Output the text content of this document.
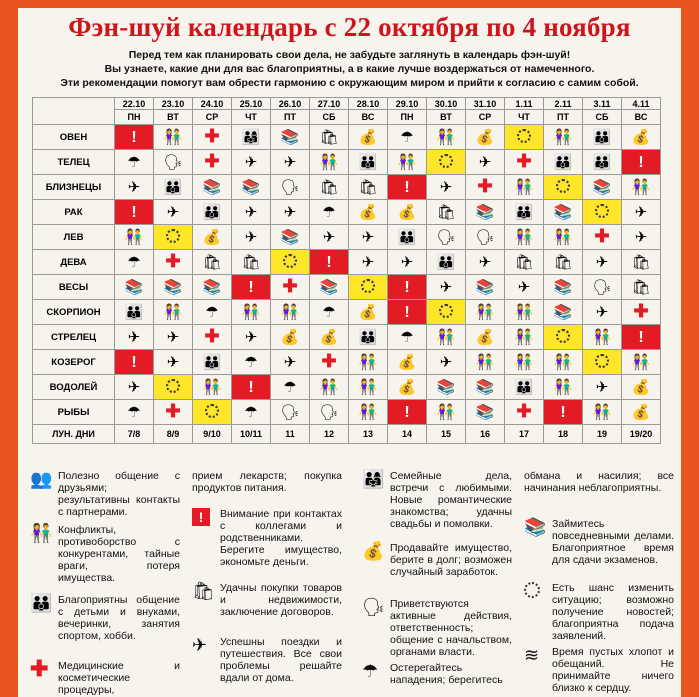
Фэн-шуй календарь с 22 октября по 4 ноября
Перед тем как планировать свои дела, не забудьте заглянуть в календарь фэн-шуй!
Вы узнаете, какие дни для вас благоприятны, а в какие лучше воздержаться от намеченного.
Эти рекомендации помогут вам обрести гармонию с окружающим миром и прийти к согласию с самим собой.
	22.10	23.10	24.10	25.10	26.10	27.10	28.10	29.10	30.10	31.10	1.11	2.11	3.11	4.11
	ПН	ВТ	СР	ЧТ	ПТ	СБ	ВС	ПН	ВТ	СР	ЧТ	ПТ	СБ	ВС
ОВЕН	!	👫	✚	👨‍👩‍👧	📚	🛍	💰	☂	👫	💰		👫	👪	💰
ТЕЛЕЦ	☂	🗣	✚	✈	✈	👫	👪	👫		✈	✚	👪	👪	!
БЛИЗНЕЦЫ	✈	👪	📚	📚	🗣	🛍	🛍	!	✈	✚	👫		📚	👫
РАК	!	✈	👪	✈	✈	☂	💰	💰	🛍	📚	👪	📚		✈
ЛЕВ	👫		💰	✈	📚	✈	✈	👪	🗣	🗣	👫	👫	✚	✈
ДЕВА	☂	✚	🛍	🛍		!	✈	✈	👪	✈	🛍	🛍	✈	🛍
ВЕСЫ	📚	📚	📚	!	✚	📚		!	✈	📚	✈	📚	🗣	🛍
СКОРПИОН	👪	👫	☂	👫	👫	☂	💰	!		👫	👫	📚	✈	✚
СТРЕЛЕЦ	✈	✈	✚	✈	💰	💰	👪	☂	👫	💰	👫		👫	!
КОЗЕРОГ	!	✈	👪	☂	✈	✚	👫	💰	✈	👫	👫	👫		👫
ВОДОЛЕЙ	✈		👫	!	☂	👫	👫	💰	📚	📚	👪	👫	✈	💰
РЫБЫ	☂	✚		☂	🗣	🗣	👫	!	👫	📚	✚	!	👫	💰
ЛУН. ДНИ	7/8	8/9	9/10	10/11	11	12	13	14	15	16	17	18	19	19/20
👥 Полезно общение с друзьями; результативны контакты с партнерами.
👫 Конфликты, противоборство с конкурентами, тайные враги, потеря имущества.
👪 Благоприятны общение с детьми и внуками, вечеринки, занятия спортом, хобби.
✚ Медицинские и косметические процедуры,
прием лекарств; покупка продуктов питания.
!	Внимание при контактах с коллегами и родственниками. Берегите имущество, экономьте деньги.
🛍 Удачны покупки товаров и недвижимости, заключение договоров.
✈ Успешны поездки и путешествия. Все свои проблемы решайте вдали от дома.
👨‍👩‍👧 Семейные дела, встречи с любимыми. Новые романтические знакомства; удачны свадьбы и помолвки.
💰 Продавайте имущество, берите в долг; возможен случайный заработок.
🗣 Приветствуются активные действия, ответственность; общение с начальством, органами власти.
☂ Остерегайтесь нападения; берегитесь
обмана и насилия; все начинания неблагоприятны.
📚 Займитесь повседневными делами. Благоприятное время для сдачи экзаменов.
Есть шанс изменить ситуацию; возможно получение новостей; благоприятна подача заявлений.
≋ Время пустых хлопот и обещаний. Не принимайте ничего близко к сердцу.
